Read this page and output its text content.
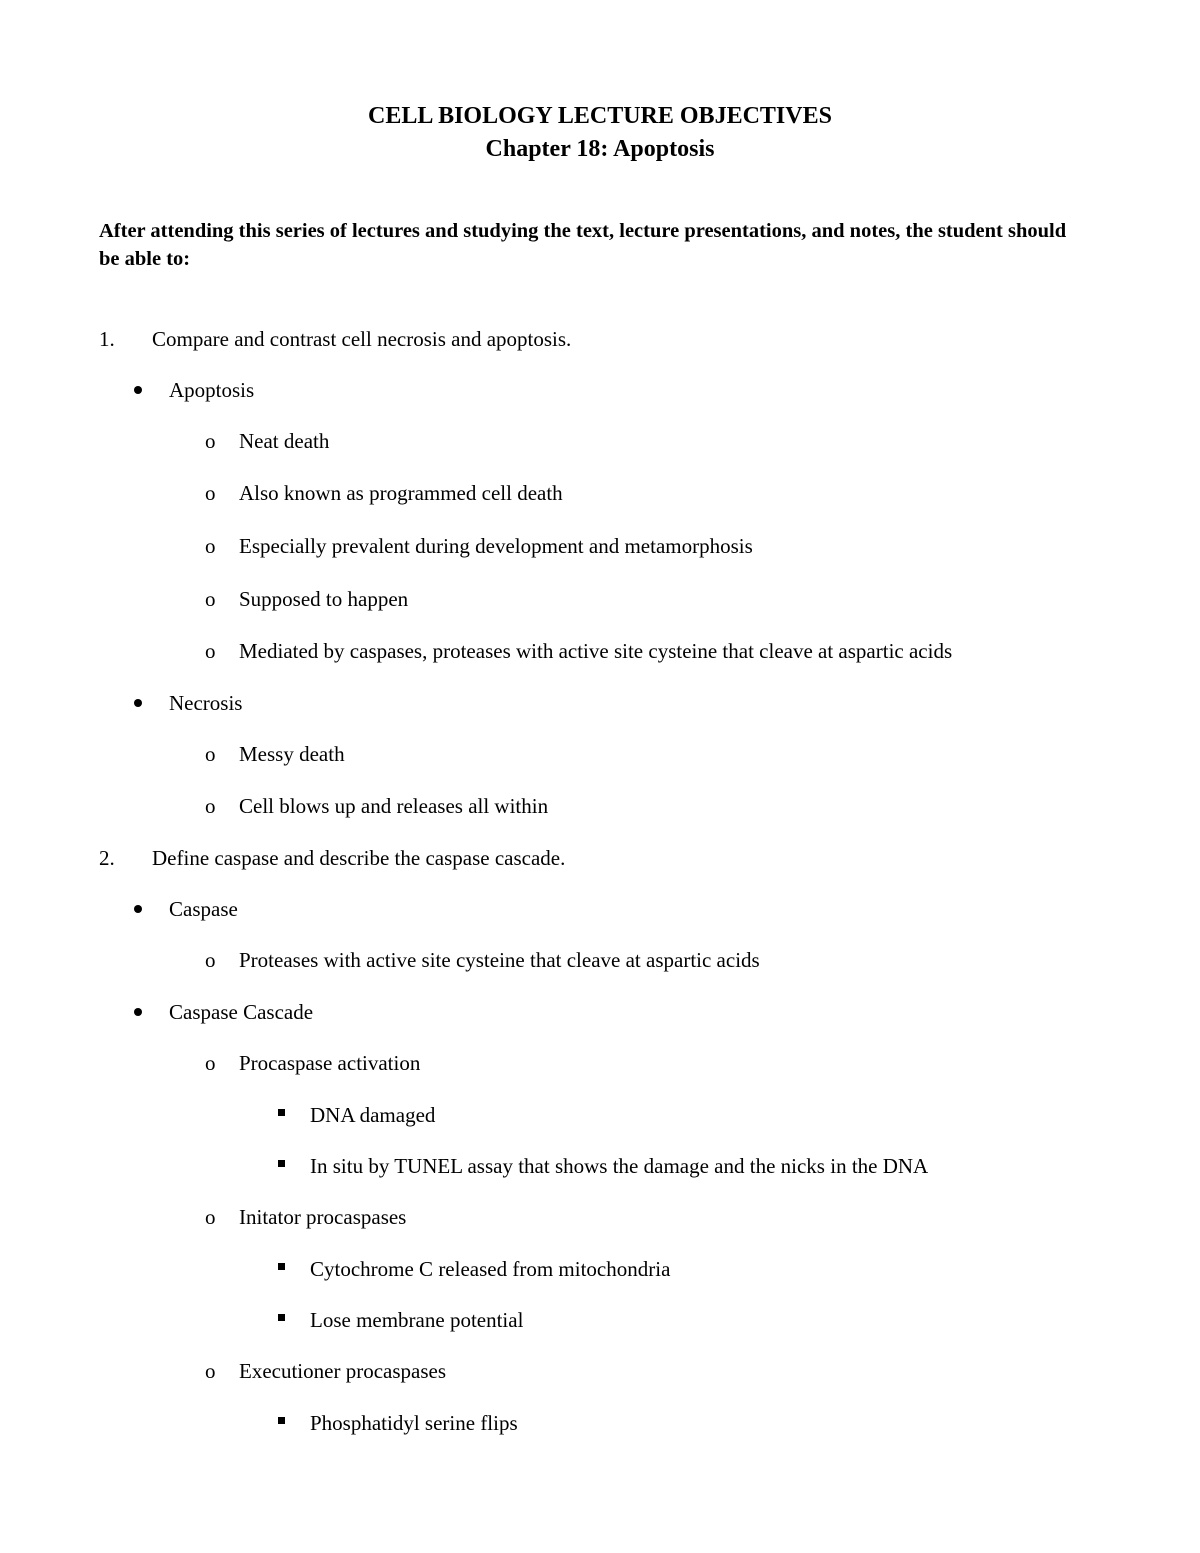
CELL BIOLOGY LECTURE OBJECTIVES
Chapter 18: Apoptosis

After attending this series of lectures and studying the text, lecture presentations, and notes, the student should be able to:

1. Compare and contrast cell necrosis and apoptosis.
Apoptosis
o Neat death
o Also known as programmed cell death
o Especially prevalent during development and metamorphosis
o Supposed to happen
o Mediated by caspases, proteases with active site cysteine that cleave at aspartic acids
Necrosis
o Messy death
o Cell blows up and releases all within
2. Define caspase and describe the caspase cascade.
Caspase
o Proteases with active site cysteine that cleave at aspartic acids
Caspase Cascade
o Procaspase activation
DNA damaged
In situ by TUNEL assay that shows the damage and the nicks in the DNA
o Initator procaspases
Cytochrome C released from mitochondria
Lose membrane potential
o Executioner procaspases
Phosphatidyl serine flips
